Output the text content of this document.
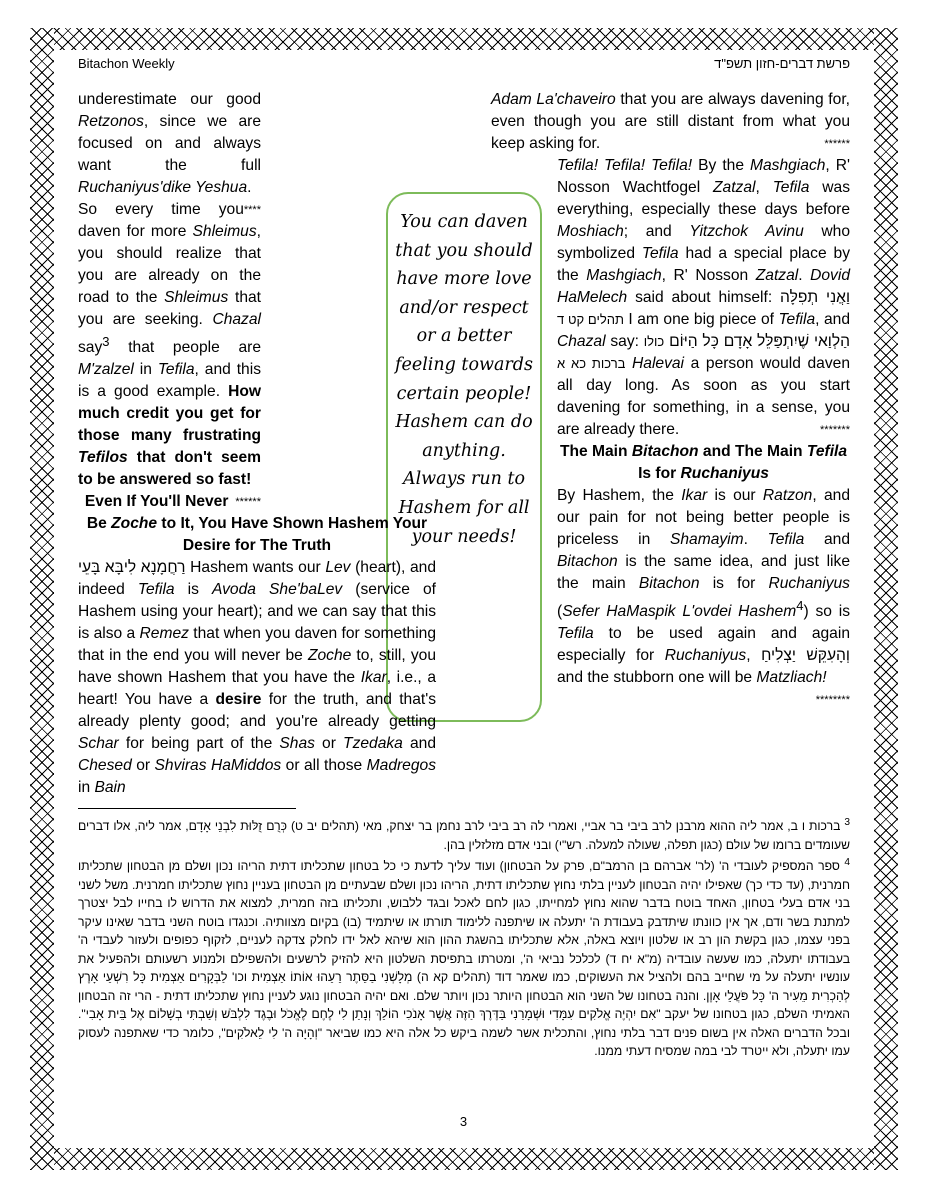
Bitachon Weekly	פרשת דברים-חזון תשפ"ד
You can daven that you should have more love and/or respect or a better feeling towards certain people! Hashem can do anything. Always run to Hashem for all your needs!

underestimate our good Retzonos, since we are focused on and always want the full Ruchaniyus'dike Yeshua.
****

So every time you daven for more Shleimus, you should realize that you are already on the road to the Shleimus that you are seeking. Chazal say$^3$ that people are M'zalzel in Tefila, and this is a good example. How much credit you get for those many frustrating Tefilos that don't seem to be answered so fast!
******

Even If You'll Never Be Zoche to It, You Have Shown Hashem Your Desire for The Truth

רַחֲמָנָא לִיבָּא בָּעֵי Hashem wants our Lev (heart), and indeed Tefila is Avoda She'baLev (service of Hashem using your heart); and we can say that this is also a Remez that when you daven for something that in the end you will never be Zoche to, still, you have shown Hashem that you have the Ikar, i.e., a heart! You have a desire for the truth, and that's already plenty good; and you're already getting Schar for being part of the Shas or Tzedaka and Chesed or Shviras HaMiddos or all those Madregos in Bain

Adam La'chaveiro that you are always davening for, even though you are still distant from what you keep asking for.	******

Tefila! Tefila! Tefila! By the Mashgiach, R' Nosson Wachtfogel Zatzal, Tefila was everything, especially these days before Moshiach; and Yitzchok Avinu who symbolized Tefila had a special place by the Mashgiach, R' Nosson Zatzal. Dovid HaMelech said about himself: וַאֲנִי תְפִלָּה תהלים קט ד I am one big piece of Tefila, and Chazal say: הַלְוַאי שֶׁיִתְפַּלֵּל אָדָם כָּל הַיּוֹם כולו ברכות כא א Halevai a person would daven all day long. As soon as you start davening for something, in a sense, you are already there.	*******

The Main Bitachon and The Main Tefila Is for Ruchaniyus

By Hashem, the Ikar is our Ratzon, and our pain for not being better people is priceless in Shamayim. Tefila and Bitachon is the same idea, and just like the main Bitachon is for Ruchaniyus (Sefer HaMaspik L'ovdei Hashem$^4$) so is Tefila to be used again and again especially for Ruchaniyus, וְהָעִקֵּשׁ יַצְלִיחַ and the stubborn one will be Matzliach!
********

$^3$ ברכות ו ב, אמר ליה ההוא מרבנן לרב ביבי בר אביי, ואמרי לה רב ביבי לרב נחמן בר יצחק, מאי (תהלים יב ט) כְּרֻם זֻלּוּת לִבְנֵי אָדָם, אמר ליה, אלו דברים שעומדים ברומו של עולם (כגון תפלה, שעולה למעלה. רש"י) ובני אדם מזלזלין בהן.

$^4$ ספר המספיק לעובדי ה' (לר' אברהם בן הרמב"ם, פרק על הבטחון) ועוד עליך לדעת כי כל בטחון שתכליתו דתית הריהו נכון ושלם מן הבטחון שתכליתו חמרנית, (עד כדי כך) שאפילו יהיה הבטחון לעניין בלתי נחוץ שתכליתו דתית, הריהו נכון ושלם שבעתיים מן הבטחון בעניין נחוץ שתכליתו חמרנית. משל לשני בני אדם בעלי בטחון, האחד בוטח בדבר שהוא נחוץ למחייתו, כגון לחם לאכל ובגד ללבוש, ותכליתו בזה חמרית, למצוא את הדרוש לו בחייו לבל יצטרך למתנת בשר ודם, אך אין כוונתו שיתדבק בעבודת ה' יתעלה או שיתפנה ללימוד תורתו או שיתמיד (בו) בקיום מצוותיה. וכנגדו בוטח השני בדבר שאינו עיקר בפני עצמו, כגון בקשת הון רב או שלטון ויוצא באלה, אלא שתכליתו בהשגת ההון הוא שיהא לאל ידו לחלק צדקה לעניים, לזקוף כפופים ולעזור לעבדי ה' בעבודתו יתעלה, כמו שעשה עובדיה (מ"א יח ד) לכלכל נביאי ה', ומטרתו בתפיסת השלטון היא להזיק לרשעים ולהשפילם ולמנוע רשעותם ולהפעיל את עונשיו יתעלה על מי שחייב בהם ולהציל את העשוקים, כמו שאמר דוד (תהלים קא ה) מְלָשְׁנִי בַסֵּתֶר רֵעֵהוּ אוֹתוֹ אַצְמִית וכו' לַבְּקָרִים אַצְמִית כָּל רִשְׁעֵי אָרֶץ לְהַכְרִית מֵעִיר ה' כָּל פֹּעֲלֵי אָוֶן. והנה בטחונו של השני הוא הבטחון היותר נכון ויותר שלם. ואם יהיה הבטחון נוגע לעניין נחוץ שתכליתו דתית - הרי זה הבטחון האמיתי השלם, כגון בטחונו של יעקב "אִם יִהְיֶה אֱלֹקִים עִמָּדִי וּשְׁמָרַנִי בַּדֶּרֶךְ הַזֶּה אֲשֶׁר אָנֹכִי הוֹלֵךְ וְנָתַן לִי לֶחֶם לֶאֱכֹל וּבֶגֶד לִלְבֹּשׁ וְשַׁבְתִּי בְשָׁלוֹם אֶל בֵּית אָבִי". ובכל הדברים האלה אין בשום פנים דבר בלתי נחוץ, והתכלית אשר לשמה ביקש כל אלה היא כמו שביאר "וְהָיָה ה' לִי לֵאלֹקִים", כלומר כדי שאתפנה לעסוק עמו יתעלה, ולא ייטרד לבי במה שמסיח דעתי ממנו.

3
